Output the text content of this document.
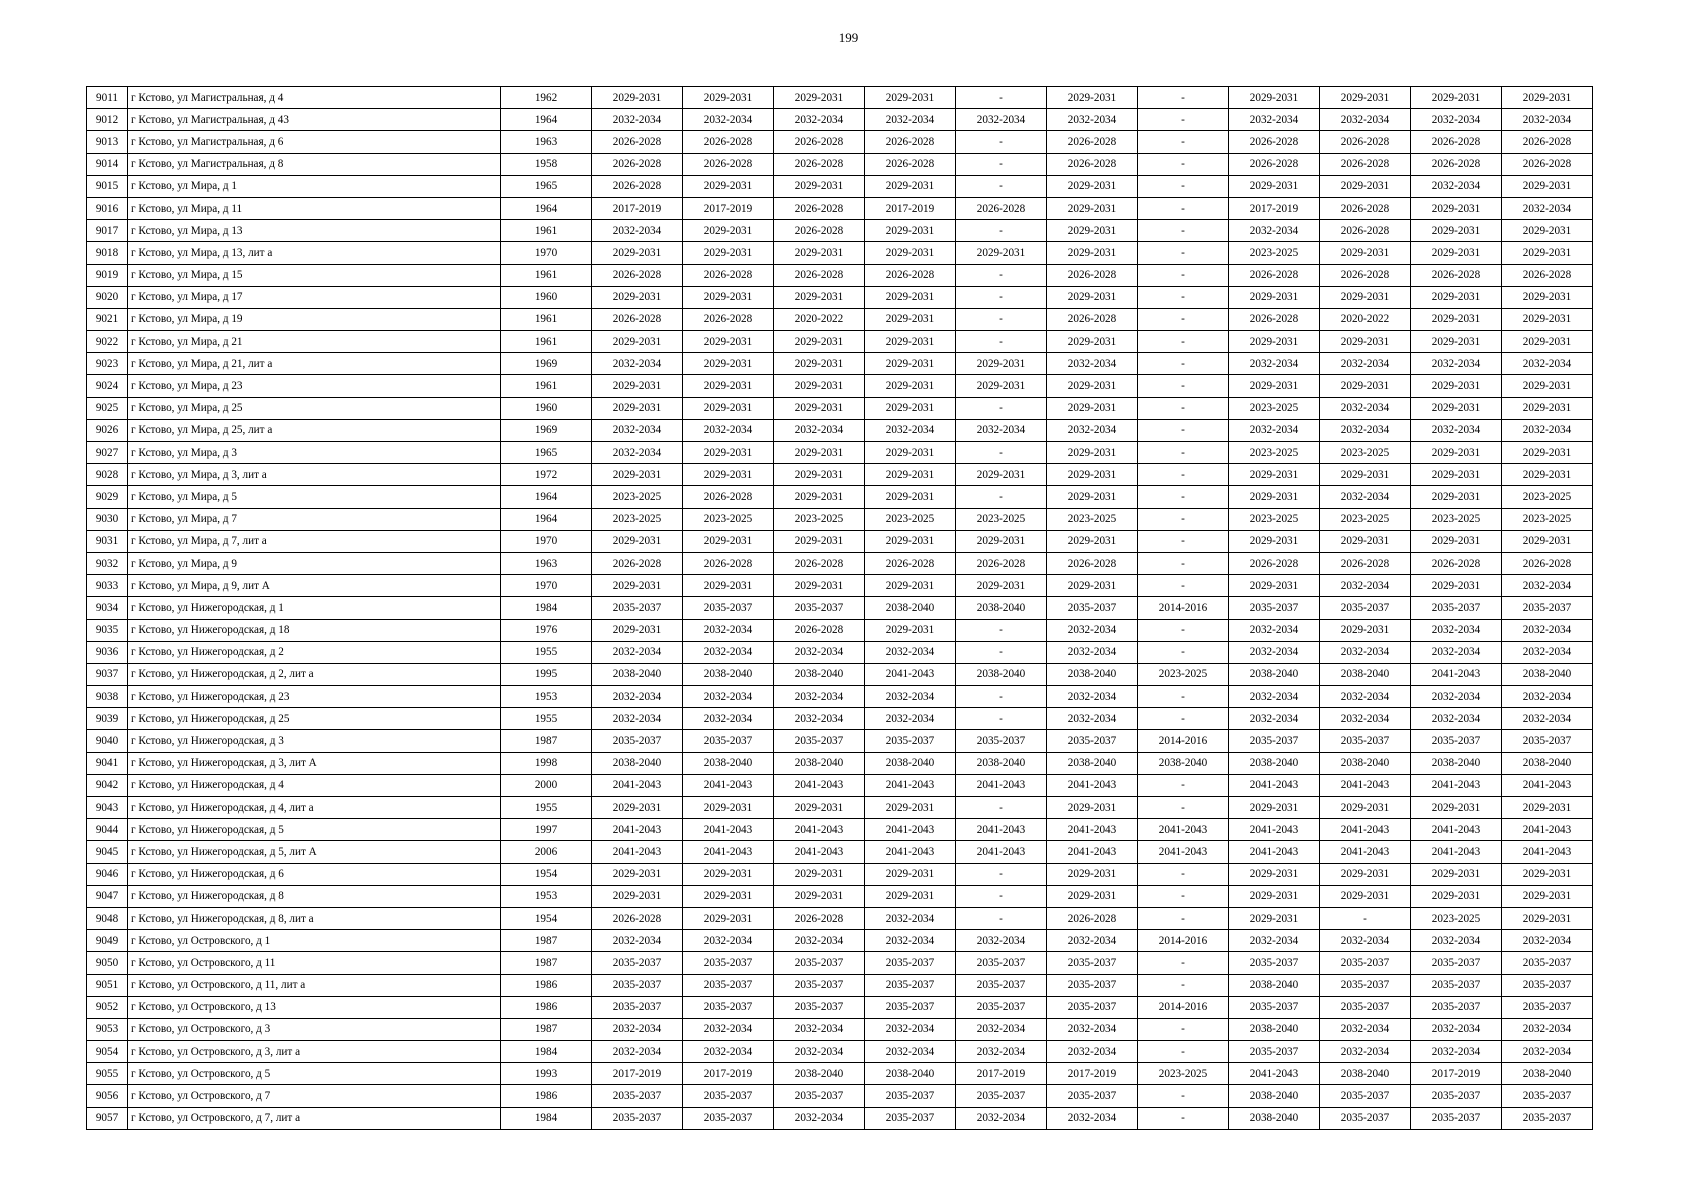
199
9011	г Кстово, ул Магистральная, д 4	1962	2029-2031	2029-2031	2029-2031	2029-2031	-	2029-2031	-	2029-2031	2029-2031	2029-2031	2029-2031
9012	г Кстово, ул Магистральная, д 43	1964	2032-2034	2032-2034	2032-2034	2032-2034	2032-2034	2032-2034	-	2032-2034	2032-2034	2032-2034	2032-2034
9013	г Кстово, ул Магистральная, д 6	1963	2026-2028	2026-2028	2026-2028	2026-2028	-	2026-2028	-	2026-2028	2026-2028	2026-2028	2026-2028
9014	г Кстово, ул Магистральная, д 8	1958	2026-2028	2026-2028	2026-2028	2026-2028	-	2026-2028	-	2026-2028	2026-2028	2026-2028	2026-2028
9015	г Кстово, ул Мира, д 1	1965	2026-2028	2029-2031	2029-2031	2029-2031	-	2029-2031	-	2029-2031	2029-2031	2032-2034	2029-2031
9016	г Кстово, ул Мира, д 11	1964	2017-2019	2017-2019	2026-2028	2017-2019	2026-2028	2029-2031	-	2017-2019	2026-2028	2029-2031	2032-2034
9017	г Кстово, ул Мира, д 13	1961	2032-2034	2029-2031	2026-2028	2029-2031	-	2029-2031	-	2032-2034	2026-2028	2029-2031	2029-2031
9018	г Кстово, ул Мира, д 13, лит а	1970	2029-2031	2029-2031	2029-2031	2029-2031	2029-2031	2029-2031	-	2023-2025	2029-2031	2029-2031	2029-2031
9019	г Кстово, ул Мира, д 15	1961	2026-2028	2026-2028	2026-2028	2026-2028	-	2026-2028	-	2026-2028	2026-2028	2026-2028	2026-2028
9020	г Кстово, ул Мира, д 17	1960	2029-2031	2029-2031	2029-2031	2029-2031	-	2029-2031	-	2029-2031	2029-2031	2029-2031	2029-2031
9021	г Кстово, ул Мира, д 19	1961	2026-2028	2026-2028	2020-2022	2029-2031	-	2026-2028	-	2026-2028	2020-2022	2029-2031	2029-2031
9022	г Кстово, ул Мира, д 21	1961	2029-2031	2029-2031	2029-2031	2029-2031	-	2029-2031	-	2029-2031	2029-2031	2029-2031	2029-2031
9023	г Кстово, ул Мира, д 21, лит а	1969	2032-2034	2029-2031	2029-2031	2029-2031	2029-2031	2032-2034	-	2032-2034	2032-2034	2032-2034	2032-2034
9024	г Кстово, ул Мира, д 23	1961	2029-2031	2029-2031	2029-2031	2029-2031	2029-2031	2029-2031	-	2029-2031	2029-2031	2029-2031	2029-2031
9025	г Кстово, ул Мира, д 25	1960	2029-2031	2029-2031	2029-2031	2029-2031	-	2029-2031	-	2023-2025	2032-2034	2029-2031	2029-2031
9026	г Кстово, ул Мира, д 25, лит а	1969	2032-2034	2032-2034	2032-2034	2032-2034	2032-2034	2032-2034	-	2032-2034	2032-2034	2032-2034	2032-2034
9027	г Кстово, ул Мира, д 3	1965	2032-2034	2029-2031	2029-2031	2029-2031	-	2029-2031	-	2023-2025	2023-2025	2029-2031	2029-2031
9028	г Кстово, ул Мира, д 3, лит а	1972	2029-2031	2029-2031	2029-2031	2029-2031	2029-2031	2029-2031	-	2029-2031	2029-2031	2029-2031	2029-2031
9029	г Кстово, ул Мира, д 5	1964	2023-2025	2026-2028	2029-2031	2029-2031	-	2029-2031	-	2029-2031	2032-2034	2029-2031	2023-2025
9030	г Кстово, ул Мира, д 7	1964	2023-2025	2023-2025	2023-2025	2023-2025	2023-2025	2023-2025	-	2023-2025	2023-2025	2023-2025	2023-2025
9031	г Кстово, ул Мира, д 7, лит а	1970	2029-2031	2029-2031	2029-2031	2029-2031	2029-2031	2029-2031	-	2029-2031	2029-2031	2029-2031	2029-2031
9032	г Кстово, ул Мира, д 9	1963	2026-2028	2026-2028	2026-2028	2026-2028	2026-2028	2026-2028	-	2026-2028	2026-2028	2026-2028	2026-2028
9033	г Кстово, ул Мира, д 9, лит А	1970	2029-2031	2029-2031	2029-2031	2029-2031	2029-2031	2029-2031	-	2029-2031	2032-2034	2029-2031	2032-2034
9034	г Кстово, ул Нижегородская, д 1	1984	2035-2037	2035-2037	2035-2037	2038-2040	2038-2040	2035-2037	2014-2016	2035-2037	2035-2037	2035-2037	2035-2037
9035	г Кстово, ул Нижегородская, д 18	1976	2029-2031	2032-2034	2026-2028	2029-2031	-	2032-2034	-	2032-2034	2029-2031	2032-2034	2032-2034
9036	г Кстово, ул Нижегородская, д 2	1955	2032-2034	2032-2034	2032-2034	2032-2034	-	2032-2034	-	2032-2034	2032-2034	2032-2034	2032-2034
9037	г Кстово, ул Нижегородская, д 2, лит а	1995	2038-2040	2038-2040	2038-2040	2041-2043	2038-2040	2038-2040	2023-2025	2038-2040	2038-2040	2041-2043	2038-2040
9038	г Кстово, ул Нижегородская, д 23	1953	2032-2034	2032-2034	2032-2034	2032-2034	-	2032-2034	-	2032-2034	2032-2034	2032-2034	2032-2034
9039	г Кстово, ул Нижегородская, д 25	1955	2032-2034	2032-2034	2032-2034	2032-2034	-	2032-2034	-	2032-2034	2032-2034	2032-2034	2032-2034
9040	г Кстово, ул Нижегородская, д 3	1987	2035-2037	2035-2037	2035-2037	2035-2037	2035-2037	2035-2037	2014-2016	2035-2037	2035-2037	2035-2037	2035-2037
9041	г Кстово, ул Нижегородская, д 3, лит А	1998	2038-2040	2038-2040	2038-2040	2038-2040	2038-2040	2038-2040	2038-2040	2038-2040	2038-2040	2038-2040	2038-2040
9042	г Кстово, ул Нижегородская, д 4	2000	2041-2043	2041-2043	2041-2043	2041-2043	2041-2043	2041-2043	-	2041-2043	2041-2043	2041-2043	2041-2043
9043	г Кстово, ул Нижегородская, д 4, лит а	1955	2029-2031	2029-2031	2029-2031	2029-2031	-	2029-2031	-	2029-2031	2029-2031	2029-2031	2029-2031
9044	г Кстово, ул Нижегородская, д 5	1997	2041-2043	2041-2043	2041-2043	2041-2043	2041-2043	2041-2043	2041-2043	2041-2043	2041-2043	2041-2043	2041-2043
9045	г Кстово, ул Нижегородская, д 5, лит А	2006	2041-2043	2041-2043	2041-2043	2041-2043	2041-2043	2041-2043	2041-2043	2041-2043	2041-2043	2041-2043	2041-2043
9046	г Кстово, ул Нижегородская, д 6	1954	2029-2031	2029-2031	2029-2031	2029-2031	-	2029-2031	-	2029-2031	2029-2031	2029-2031	2029-2031
9047	г Кстово, ул Нижегородская, д 8	1953	2029-2031	2029-2031	2029-2031	2029-2031	-	2029-2031	-	2029-2031	2029-2031	2029-2031	2029-2031
9048	г Кстово, ул Нижегородская, д 8, лит а	1954	2026-2028	2029-2031	2026-2028	2032-2034	-	2026-2028	-	2029-2031	-	2023-2025	2029-2031
9049	г Кстово, ул Островского, д 1	1987	2032-2034	2032-2034	2032-2034	2032-2034	2032-2034	2032-2034	2014-2016	2032-2034	2032-2034	2032-2034	2032-2034
9050	г Кстово, ул Островского, д 11	1987	2035-2037	2035-2037	2035-2037	2035-2037	2035-2037	2035-2037	-	2035-2037	2035-2037	2035-2037	2035-2037
9051	г Кстово, ул Островского, д 11, лит а	1986	2035-2037	2035-2037	2035-2037	2035-2037	2035-2037	2035-2037	-	2038-2040	2035-2037	2035-2037	2035-2037
9052	г Кстово, ул Островского, д 13	1986	2035-2037	2035-2037	2035-2037	2035-2037	2035-2037	2035-2037	2014-2016	2035-2037	2035-2037	2035-2037	2035-2037
9053	г Кстово, ул Островского, д 3	1987	2032-2034	2032-2034	2032-2034	2032-2034	2032-2034	2032-2034	-	2038-2040	2032-2034	2032-2034	2032-2034
9054	г Кстово, ул Островского, д 3, лит а	1984	2032-2034	2032-2034	2032-2034	2032-2034	2032-2034	2032-2034	-	2035-2037	2032-2034	2032-2034	2032-2034
9055	г Кстово, ул Островского, д 5	1993	2017-2019	2017-2019	2038-2040	2038-2040	2017-2019	2017-2019	2023-2025	2041-2043	2038-2040	2017-2019	2038-2040
9056	г Кстово, ул Островского, д 7	1986	2035-2037	2035-2037	2035-2037	2035-2037	2035-2037	2035-2037	-	2038-2040	2035-2037	2035-2037	2035-2037
9057	г Кстово, ул Островского, д 7, лит а	1984	2035-2037	2035-2037	2032-2034	2035-2037	2032-2034	2032-2034	-	2038-2040	2035-2037	2035-2037	2035-2037
